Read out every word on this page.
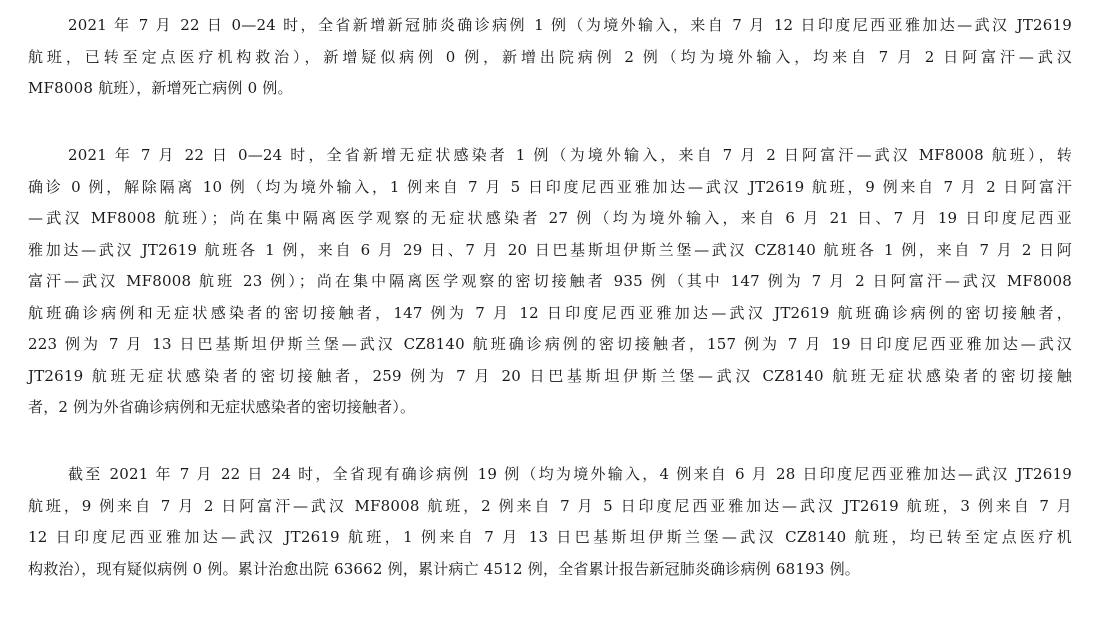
2021 年 7 月 22 日 0—24 时，全省新增新冠肺炎确诊病例 1 例（为境外输入，来自 7 月 12 日印度尼西亚雅加达—武汉 JT2619
航班，已转至定点医疗机构救治），新增疑似病例 0 例，新增出院病例 2 例（均为境外输入，均来自 7 月 2 日阿富汗—武汉
MF8008 航班），新增死亡病例 0 例。

2021 年 7 月 22 日 0—24 时，全省新增无症状感染者 1 例（为境外输入，来自 7 月 2 日阿富汗—武汉 MF8008 航班），转
确诊 0 例，解除隔离 10 例（均为境外输入，1 例来自 7 月 5 日印度尼西亚雅加达—武汉 JT2619 航班，9 例来自 7 月 2 日阿富汗
—武汉 MF8008 航班）；尚在集中隔离医学观察的无症状感染者 27 例（均为境外输入，来自 6 月 21 日、7 月 19 日印度尼西亚
雅加达—武汉 JT2619 航班各 1 例，来自 6 月 29 日、7 月 20 日巴基斯坦伊斯兰堡—武汉 CZ8140 航班各 1 例，来自 7 月 2 日阿
富汗—武汉 MF8008 航班 23 例）；尚在集中隔离医学观察的密切接触者 935 例（其中 147 例为 7 月 2 日阿富汗—武汉 MF8008
航班确诊病例和无症状感染者的密切接触者，147 例为 7 月 12 日印度尼西亚雅加达—武汉 JT2619 航班确诊病例的密切接触者，
223 例为 7 月 13 日巴基斯坦伊斯兰堡—武汉 CZ8140 航班确诊病例的密切接触者，157 例为 7 月 19 日印度尼西亚雅加达—武汉
JT2619 航班无症状感染者的密切接触者，259 例为 7 月 20 日巴基斯坦伊斯兰堡—武汉 CZ8140 航班无症状感染者的密切接触
者，2 例为外省确诊病例和无症状感染者的密切接触者）。

截至 2021 年 7 月 22 日 24 时，全省现有确诊病例 19 例（均为境外输入，4 例来自 6 月 28 日印度尼西亚雅加达—武汉 JT2619
航班，9 例来自 7 月 2 日阿富汗—武汉 MF8008 航班，2 例来自 7 月 5 日印度尼西亚雅加达—武汉 JT2619 航班，3 例来自 7 月
12 日印度尼西亚雅加达—武汉 JT2619 航班，1 例来自 7 月 13 日巴基斯坦伊斯兰堡—武汉 CZ8140 航班，均已转至定点医疗机
构救治），现有疑似病例 0 例。累计治愈出院 63662 例，累计病亡 4512 例，全省累计报告新冠肺炎确诊病例 68193 例。
